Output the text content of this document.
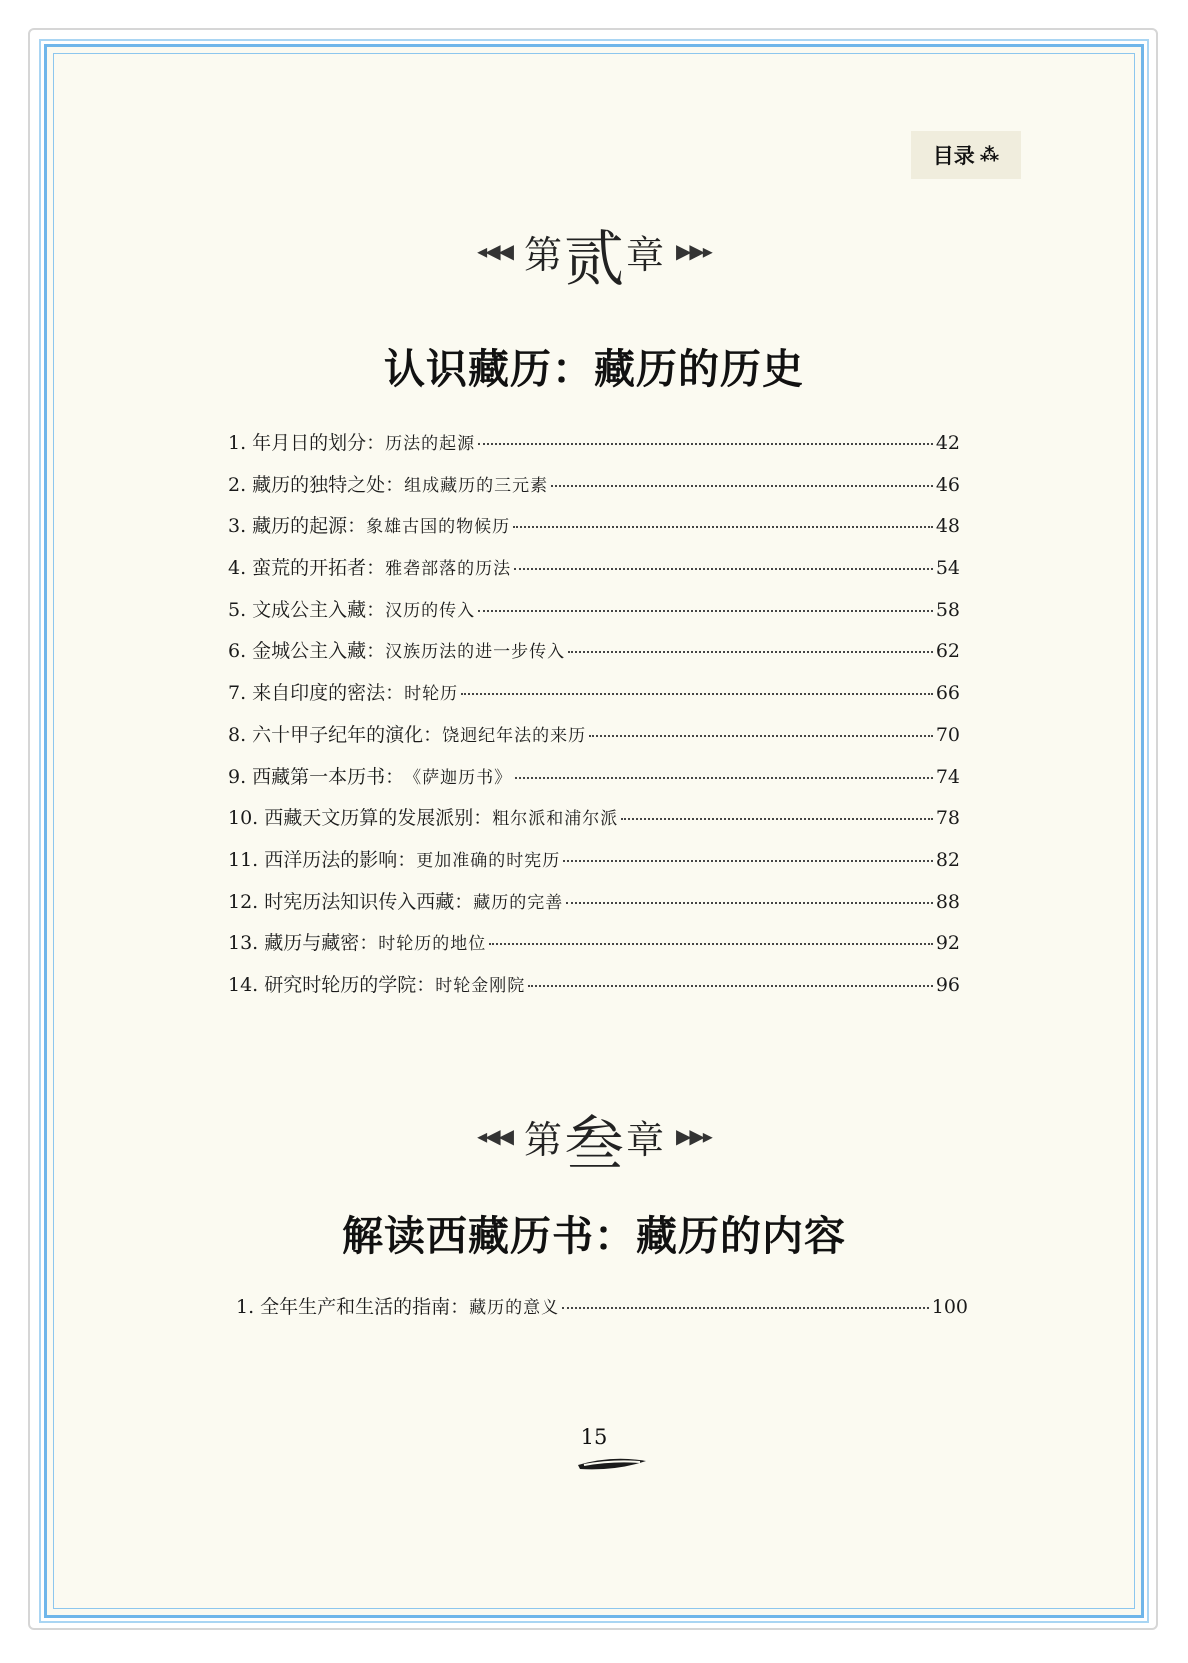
目录 ⁂
◂◀◀ 第 贰 章 ▶▶▸
认识藏历：藏历的历史
1. 年月日的划分： 历法的起源	42
2. 藏历的独特之处： 组成藏历的三元素	46
3. 藏历的起源： 象雄古国的物候历	48
4. 蛮荒的开拓者： 雅砻部落的历法	54
5. 文成公主入藏： 汉历的传入	58
6. 金城公主入藏： 汉族历法的进一步传入	62
7. 来自印度的密法： 时轮历	66
8. 六十甲子纪年的演化： 饶迥纪年法的来历	70
9. 西藏第一本历书： 《萨迦历书》	74
10. 西藏天文历算的发展派别： 粗尔派和浦尔派	78
11. 西洋历法的影响： 更加准确的时宪历	82
12. 时宪历法知识传入西藏： 藏历的完善	88
13. 藏历与藏密： 时轮历的地位	92
14. 研究时轮历的学院： 时轮金刚院	96
◂◀◀ 第 叁 章 ▶▶▸
解读西藏历书：藏历的内容
1. 全年生产和生活的指南： 藏历的意义	100
15
